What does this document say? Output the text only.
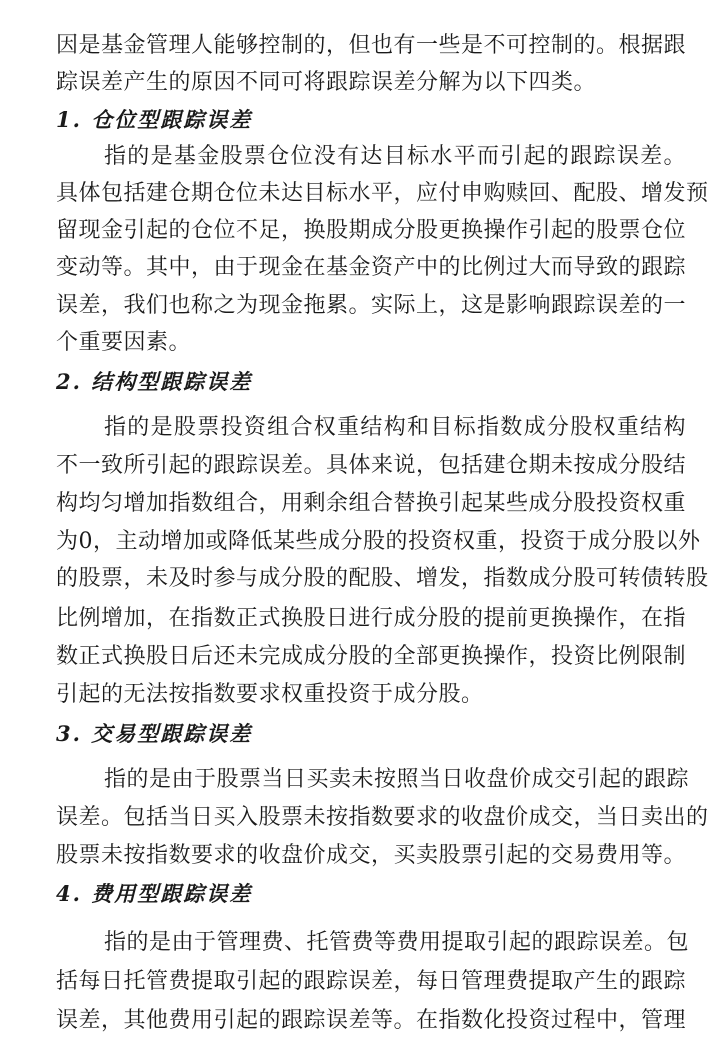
因是基金管理人能够控制的，但也有一些是不可控制的。根据跟
踪误差产生的原因不同可将跟踪误差分解为以下四类。
1. 仓位型跟踪误差
指的是基金股票仓位没有达目标水平而引起的跟踪误差。
具体包括建仓期仓位未达目标水平，应付申购赎回、配股、增发预
留现金引起的仓位不足，换股期成分股更换操作引起的股票仓位
变动等。其中，由于现金在基金资产中的比例过大而导致的跟踪
误差，我们也称之为现金拖累。实际上，这是影响跟踪误差的一
个重要因素。
2. 结构型跟踪误差
指的是股票投资组合权重结构和目标指数成分股权重结构
不一致所引起的跟踪误差。具体来说，包括建仓期未按成分股结
构均匀增加指数组合，用剩余组合替换引起某些成分股投资权重
为0，主动增加或降低某些成分股的投资权重，投资于成分股以外
的股票，未及时参与成分股的配股、增发，指数成分股可转债转股
比例增加，在指数正式换股日进行成分股的提前更换操作，在指
数正式换股日后还未完成成分股的全部更换操作，投资比例限制
引起的无法按指数要求权重投资于成分股。
3. 交易型跟踪误差
指的是由于股票当日买卖未按照当日收盘价成交引起的跟踪
误差。包括当日买入股票未按指数要求的收盘价成交，当日卖出的
股票未按指数要求的收盘价成交，买卖股票引起的交易费用等。
4. 费用型跟踪误差
指的是由于管理费、托管费等费用提取引起的跟踪误差。包
括每日托管费提取引起的跟踪误差，每日管理费提取产生的跟踪
误差，其他费用引起的跟踪误差等。在指数化投资过程中，管理
